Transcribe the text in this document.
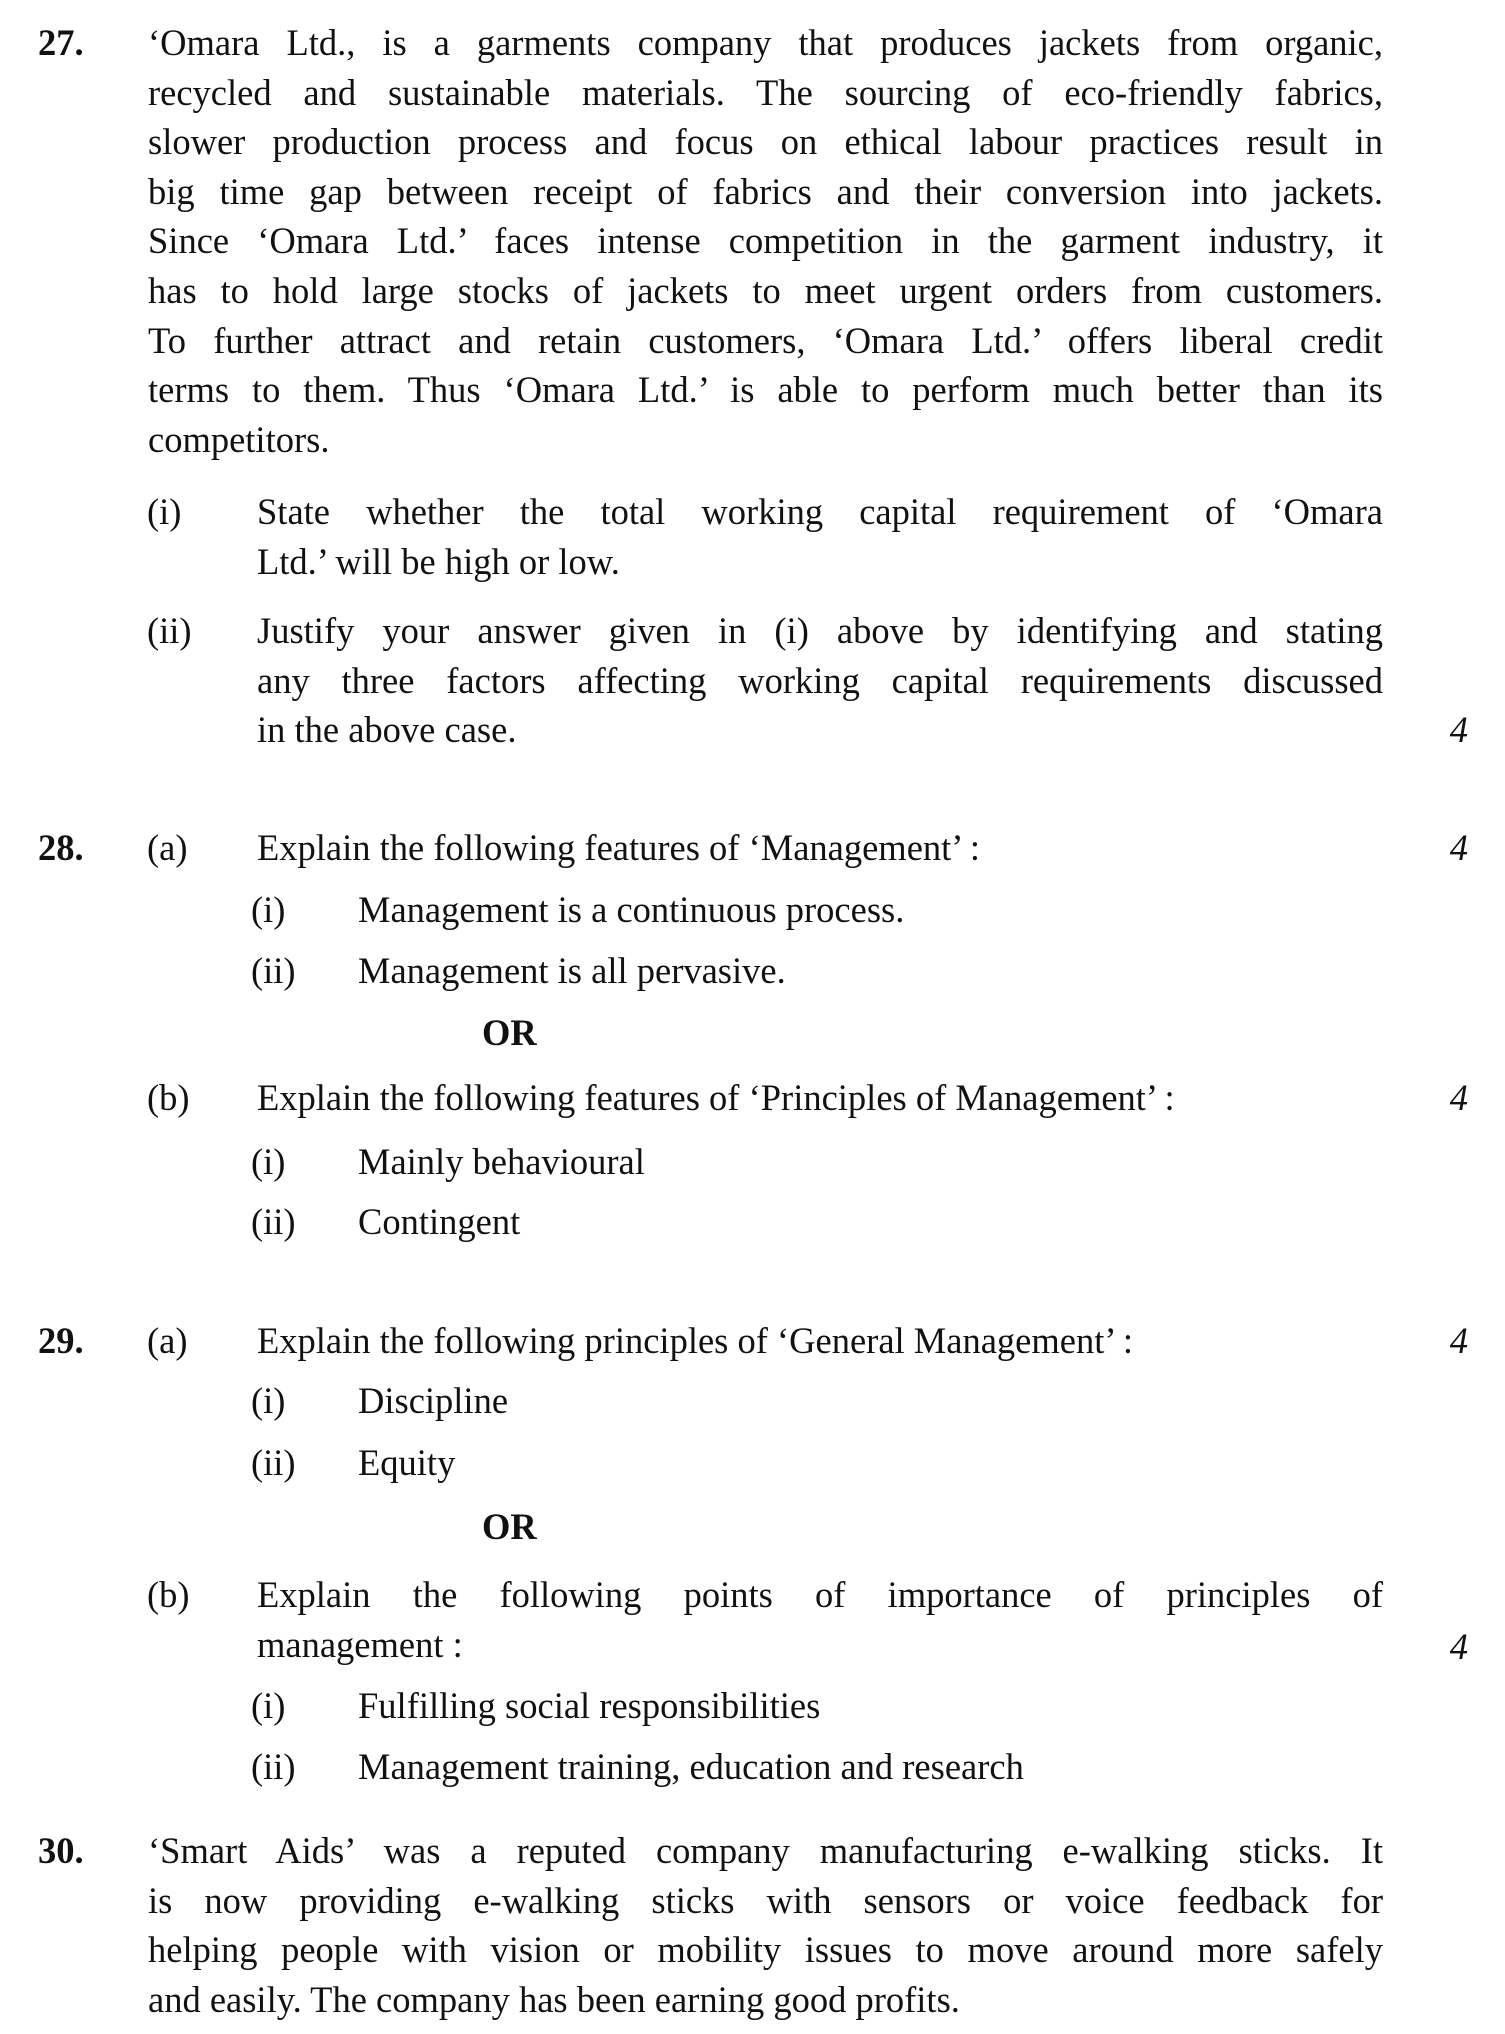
27. ‘Omara Ltd., is a garments company that produces jackets from organic,
recycled and sustainable materials. The sourcing of eco-friendly fabrics,
slower production process and focus on ethical labour practices result in
big time gap between receipt of fabrics and their conversion into jackets.
Since ‘Omara Ltd.’ faces intense competition in the garment industry, it
has to hold large stocks of jackets to meet urgent orders from customers.
To further attract and retain customers, ‘Omara Ltd.’ offers liberal credit
terms to them. Thus ‘Omara Ltd.’ is able to perform much better than its
competitors.
(i) State whether the total working capital requirement of ‘Omara
Ltd.’ will be high or low.
(ii) Justify your answer given in (i) above by identifying and stating
any three factors affecting working capital requirements discussed
in the above case.	4
28. (a) Explain the following features of ‘Management’ :	4
(i) Management is a continuous process.
(ii) Management is all pervasive.
OR
(b) Explain the following features of ‘Principles of Management’ :	4
(i) Mainly behavioural
(ii) Contingent
29. (a) Explain the following principles of ‘General Management’ :	4
(i) Discipline
(ii) Equity
OR
(b) Explain the following points of importance of principles of
management :	4
(i) Fulfilling social responsibilities
(ii) Management training, education and research
30. ‘Smart Aids’ was a reputed company manufacturing e-walking sticks. It
is now providing e-walking sticks with sensors or voice feedback for
helping people with vision or mobility issues to move around more safely
and easily. The company has been earning good profits.
